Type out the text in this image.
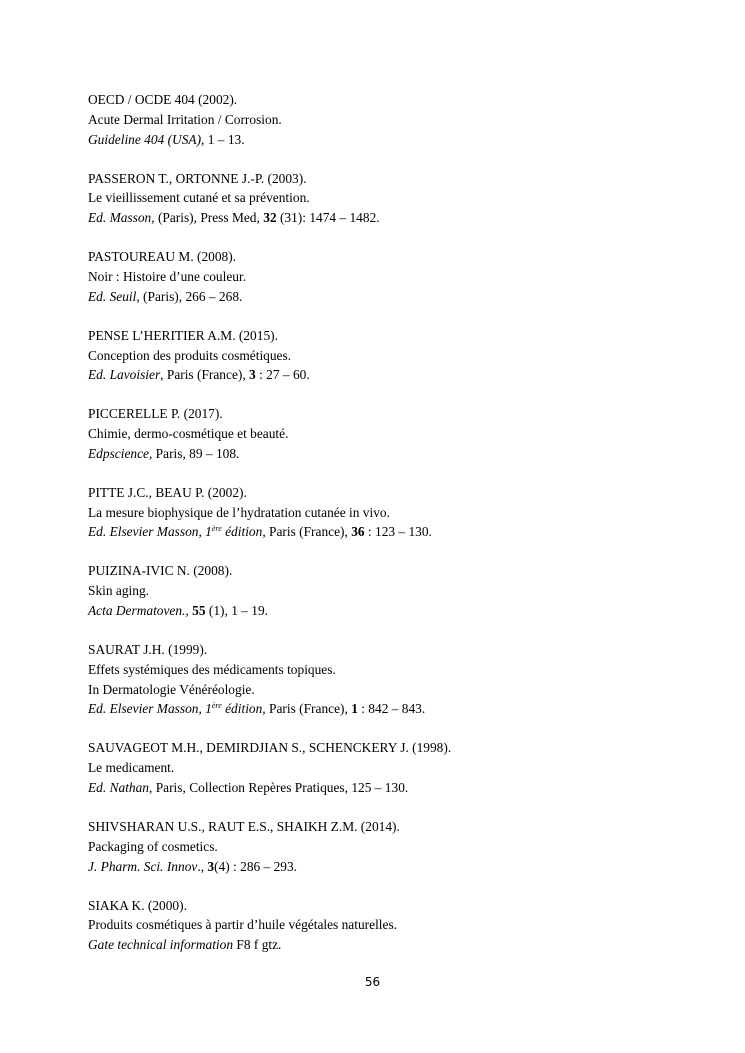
OECD / OCDE 404 (2002).
Acute Dermal Irritation / Corrosion.
Guideline 404 (USA), 1 – 13.
PASSERON T., ORTONNE J.-P. (2003).
Le vieillissement cutané et sa prévention.
Ed. Masson, (Paris), Press Med, 32 (31): 1474 – 1482.
PASTOUREAU M. (2008).
Noir : Histoire d’une couleur.
Ed. Seuil, (Paris), 266 – 268.
PENSE L’HERITIER A.M. (2015).
Conception des produits cosmétiques.
Ed. Lavoisier, Paris (France), 3 : 27 – 60.
PICCERELLE P. (2017).
Chimie, dermo-cosmétique et beauté.
Edpscience, Paris, 89 – 108.
PITTE J.C., BEAU P. (2002).
La mesure biophysique de l’hydratation cutanée in vivo.
Ed. Elsevier Masson, 1ère édition, Paris (France), 36 : 123 – 130.
PUIZINA-IVIC N. (2008).
Skin aging.
Acta Dermatoven., 55 (1), 1 – 19.
SAURAT J.H. (1999).
Effets systémiques des médicaments topiques.
In Dermatologie Vénéréologie.
Ed. Elsevier Masson, 1ère édition, Paris (France), 1 : 842 – 843.
SAUVAGEOT M.H., DEMIRDJIAN S., SCHENCKERY J. (1998).
Le medicament.
Ed. Nathan, Paris, Collection Repères Pratiques, 125 – 130.
SHIVSHARAN U.S., RAUT E.S., SHAIKH Z.M. (2014).
Packaging of cosmetics.
J. Pharm. Sci. Innov., 3(4) : 286 – 293.
SIAKA K. (2000).
Produits cosmétiques à partir d’huile végétales naturelles.
Gate technical information F8 f gtz.
56
